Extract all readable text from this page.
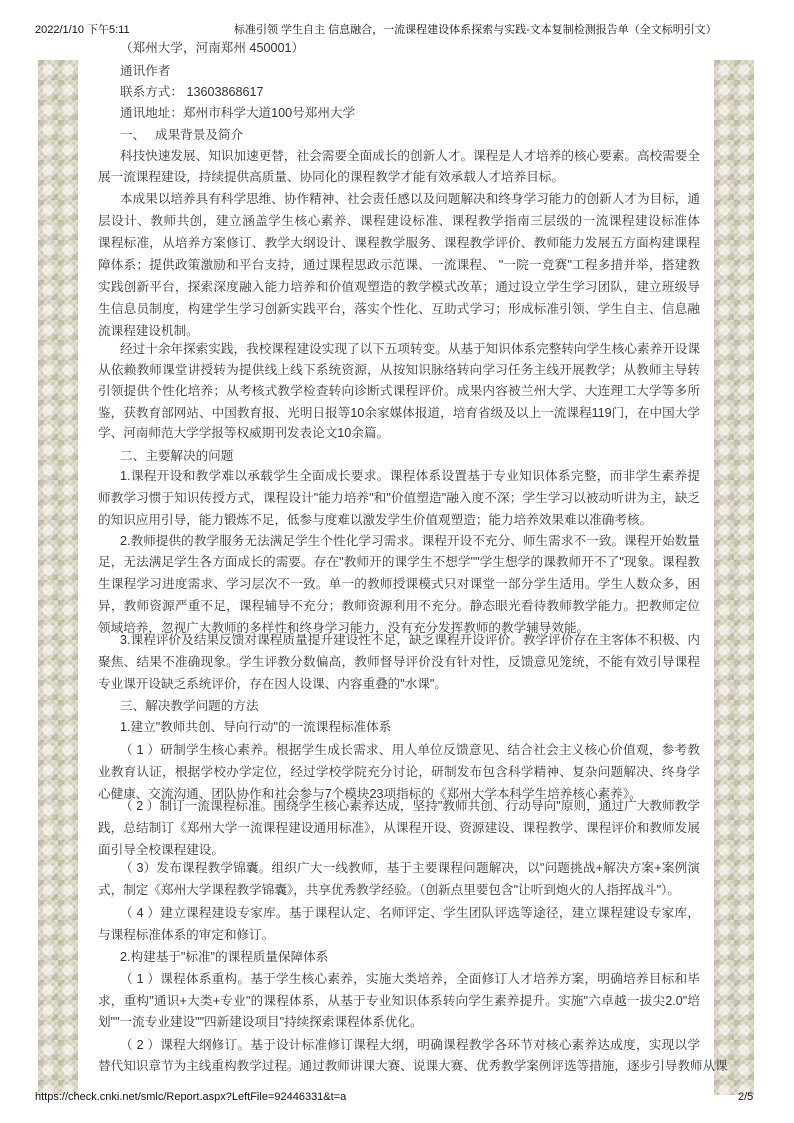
2022/1/10 下午5:11	标准引领 学生自主 信息融合，一流课程建设体系探索与实践-文本复制检测报告单（全文标明引文）
（郑州大学，河南郑州 450001）
通讯作者
联系方式： 13603868617
通讯地址：郑州市科学大道100号郑州大学
一、　 成果背景及简介
科技快速发展、知识加速更替，社会需要全面成长的创新人才。课程是人才培养的核心要素。高校需要全
展一流课程建设，持续提供高质量、协同化的课程教学才能有效承载人才培养目标。
本成果以培养具有科学思维、协作精神、社会责任感以及问题解决和终身学习能力的创新人才为目标，通
层设计、教师共创，建立涵盖学生核心素养、课程建设标准、课程教学指南三层级的一流课程建设标准体
课程标准，从培养方案修订、教学大纲设计、课程教学服务、课程教学评价、教师能力发展五方面构建课程
障体系；提供政策激励和平台支持，通过课程思政示范课、一流课程、 "一院一竞赛"工程多措并举，搭建教
实践创新平台，探索深度融入能力培养和价值观塑造的教学模式改革；通过设立学生学习团队，建立班级导
生信息员制度，构建学生学习创新实践平台，落实个性化、互助式学习；形成标准引领、学生自主、信息融
流课程建设机制。
经过十余年探索实践，我校课程建设实现了以下五项转变。从基于知识体系完整转向学生核心素养开设课
从依赖教师课堂讲授转为提供线上线下系统资源，从按知识脉络转向学习任务主线开展教学；从教师主导转
引领提供个性化培养；从考核式教学检查转向诊断式课程评价。成果内容被兰州大学、大连理工大学等多所
鉴，获教育部网站、中国教育报、光明日报等10余家媒体报道，培育省级及以上一流课程119门，在中国大学
学、河南师范大学学报等权威期刊发表论文10余篇。
二、主要解决的问题
1.课程开设和教学难以承载学生全面成长要求。课程体系设置基于专业知识体系完整，而非学生素养提
师教学习惯于知识传授方式，课程设计"能力培养"和"价值塑造"融入度不深；学生学习以被动听讲为主，缺乏
的知识应用引导，能力锻炼不足，低参与度难以激发学生价值观塑造；能力培养效果难以准确考核。
2.教师提供的教学服务无法满足学生个性化学习需求。课程开设不充分、师生需求不一致。课程开始数量
足，无法满足学生各方面成长的需要。存在"教师开的课学生不想学""学生想学的课教师开不了"现象。课程教
生课程学习进度需求、学习层次不一致。单一的教师授课模式只对课堂一部分学生适用。学生人数众多，困
异，教师资源严重不足，课程辅导不充分；教师资源利用不充分。静态眼光看待教师教学能力。把教师定位
领域培养，忽视广大教师的多样性和终身学习能力，没有充分发挥教师的教学辅导效能。
3.课程评价及结果反馈对课程质量提升建设性不足，缺乏课程开设评价。教学评价存在主客体不积极、内
聚焦、结果不准确现象。学生评教分数偏高，教师督导评价没有针对性，反馈意见笼统，不能有效引导课程
专业课开设缺乏系统评价，存在因人设课、内容重叠的"水课"。
三、解决教学问题的方法
1.建立"教师共创、导向行动"的一流课程标准体系
（ 1 ）研制学生核心素养。根据学生成长需求、用人单位反馈意见、结合社会主义核心价值观，参考教
业教育认证，根据学校办学定位，经过学校学院充分讨论，研制发布包含科学精神、复杂问题解决、终身学
心健康、交流沟通、团队协作和社会参与7个模块23项指标的《郑州大学本科学生培养核心素养》。
（ 2 ）制订一流课程标准。围绕学生核心素养达成，坚持"教师共创、行动导向"原则，通过广大教师教学
践，总结制订《郑州大学一流课程建设通用标准》，从课程开设、资源建设、课程教学、课程评价和教师发展
面引导全校课程建设。
（ 3）发布课程教学锦囊。组织广大一线教师，基于主要课程问题解决，以"问题挑战+解决方案+案例演
式，制定《郑州大学课程教学锦囊》，共享优秀教学经验。（创新点里要包含"让听到炮火的人指挥战斗"）。
（ 4 ）建立课程建设专家库。基于课程认定、名师评定、学生团队评选等途径，建立课程建设专家库，
与课程标准体系的审定和修订。
2.构建基于"标准"的课程质量保障体系
（ 1 ）课程体系重构。基于学生核心素养，实施大类培养，全面修订人才培养方案，明确培养目标和毕
求，重构"通识+大类+专业"的课程体系，从基于专业知识体系转向学生素养提升。实施"六卓越一拔尖2.0"培
划""一流专业建设""四新建设项目"持续探索课程体系优化。
（ 2 ）课程大纲修订。基于设计标准修订课程大纲，明确课程教学各环节对核心素养达成度，实现以学
替代知识章节为主线重构教学过程。通过教师讲课大赛、说课大赛、优秀教学案例评选等措施，逐步引导教师从课
https://check.cnki.net/smlc/Report.aspx?LeftFile=92446331&t=a	2/5
